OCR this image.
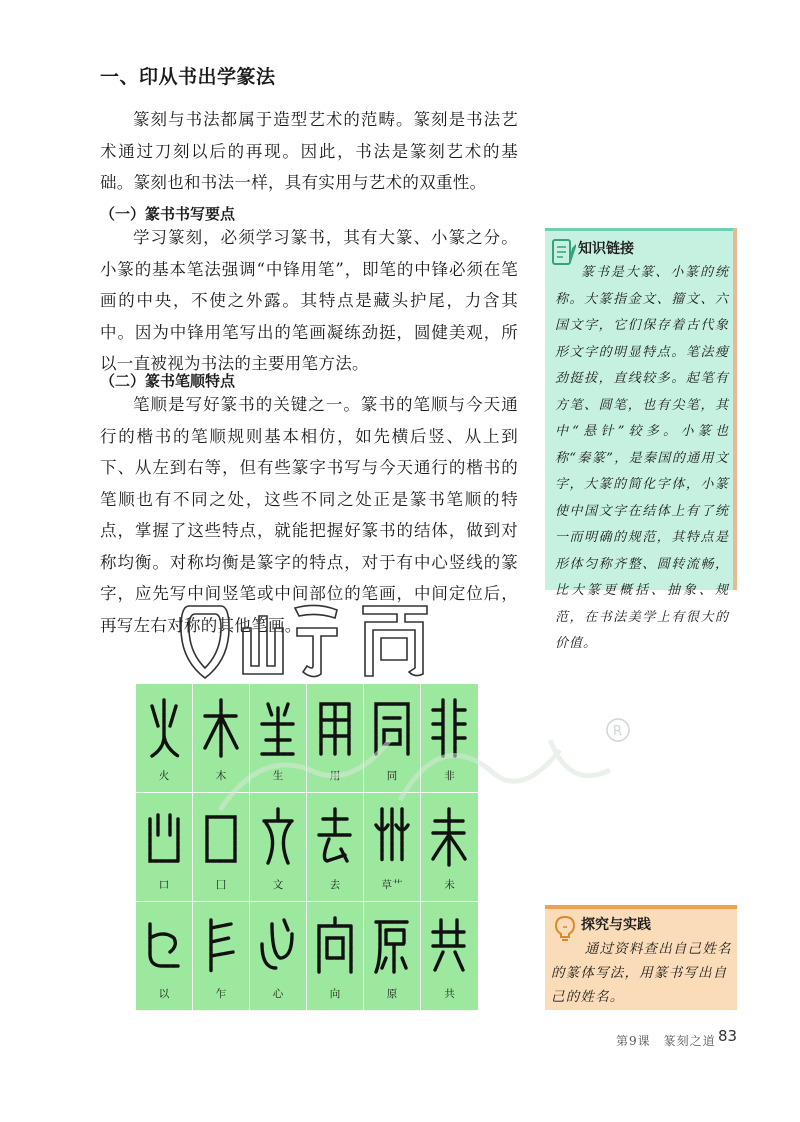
一、印从书出学篆法

篆刻与书法都属于造型艺术的范畴。篆刻是书法艺术通过刀刻以后的再现。因此，书法是篆刻艺术的基础。篆刻也和书法一样，具有实用与艺术的双重性。

（一）篆书书写要点

学习篆刻，必须学习篆书，其有大篆、小篆之分。小篆的基本笔法强调“中锋用笔”，即笔的中锋必须在笔画的中央，不使之外露。其特点是藏头护尾，力含其中。因为中锋用笔写出的笔画凝练劲挺，圆健美观，所以一直被视为书法的主要用笔方法。

（二）篆书笔顺特点

笔顺是写好篆书的关键之一。篆书的笔顺与今天通行的楷书的笔顺规则基本相仿，如先横后竖、从上到下、从左到右等，但有些篆字书写与今天通行的楷书的笔顺也有不同之处，这些不同之处正是篆书笔顺的特点，掌握了这些特点，就能把握好篆书的结体，做到对称均衡。对称均衡是篆字的特点，对于有中心竖线的篆字，应先写中间竖笔或中间部位的笔画，中间定位后，再写左右对称的其他笔画。

知识链接

篆书是大篆、小篆的统称。大篆指金文、籀文、六国文字，它们保存着古代象形文字的明显特点。笔法瘦劲挺拔，直线较多。起笔有方笔、圆笔，也有尖笔，其中“悬针”较多。小篆也称“秦篆”，是秦国的通用文字，大篆的简化字体，小篆使中国文字在结体上有了统一而明确的规范，其特点是形体匀称齐整、圆转流畅，比大篆更概括、抽象、规范，在书法美学上有很大的价值。

火	木	生	用	同	非
口	囗	文	去	草艹	未
以	乍	心	向	原	共
R
探究与实践

通过资料查出自己姓名的篆体写法，用篆书写出自己的姓名。

第9课　篆刻之道 83
